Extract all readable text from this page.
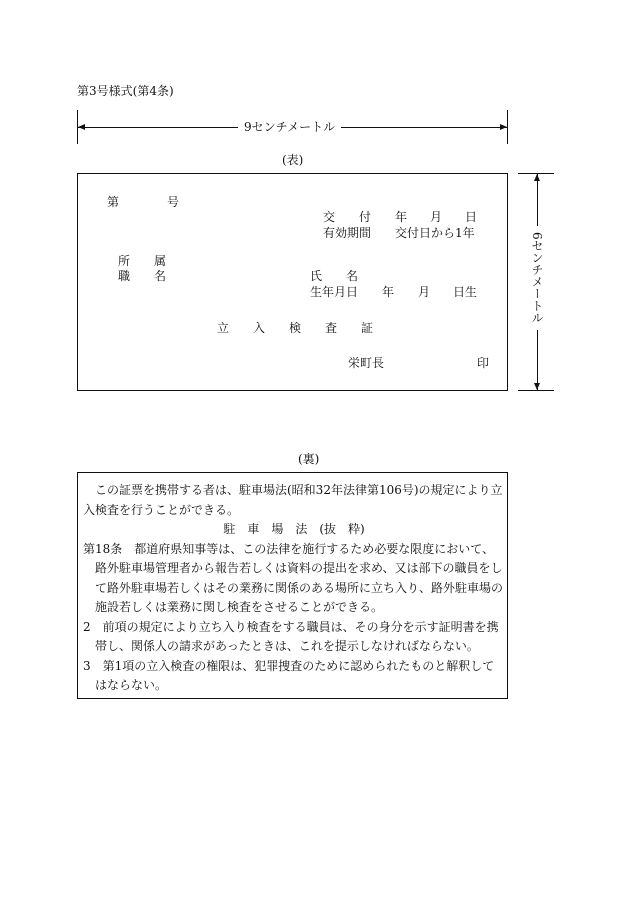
第3号様式(第4条)
9センチメートル
(表)
第	号
交　　付 年 月 日
有効期間 交付日から1年
所　　属
職　　名	氏　　名
生年月日 年 月 日生
立　　入　　検　　査　　証
栄町長	印
6センチメートル
(裏)

この証票を携帯する者は、駐車場法(昭和32年法律第106号)の規定により立入検査を行うことができる。

駐　車　場　法　(抜　粋)

第18条　都道府県知事等は、この法律を施行するため必要な限度において、路外駐車場管理者から報告若しくは資料の提出を求め、又は部下の職員をして路外駐車場若しくはその業務に関係のある場所に立ち入り、路外駐車場の施設若しくは業務に関し検査をさせることができる。

2　前項の規定により立ち入り検査をする職員は、その身分を示す証明書を携帯し、関係人の請求があったときは、これを提示しなければならない。

3　第1項の立入検査の権限は、犯罪捜査のために認められたものと解釈してはならない。
